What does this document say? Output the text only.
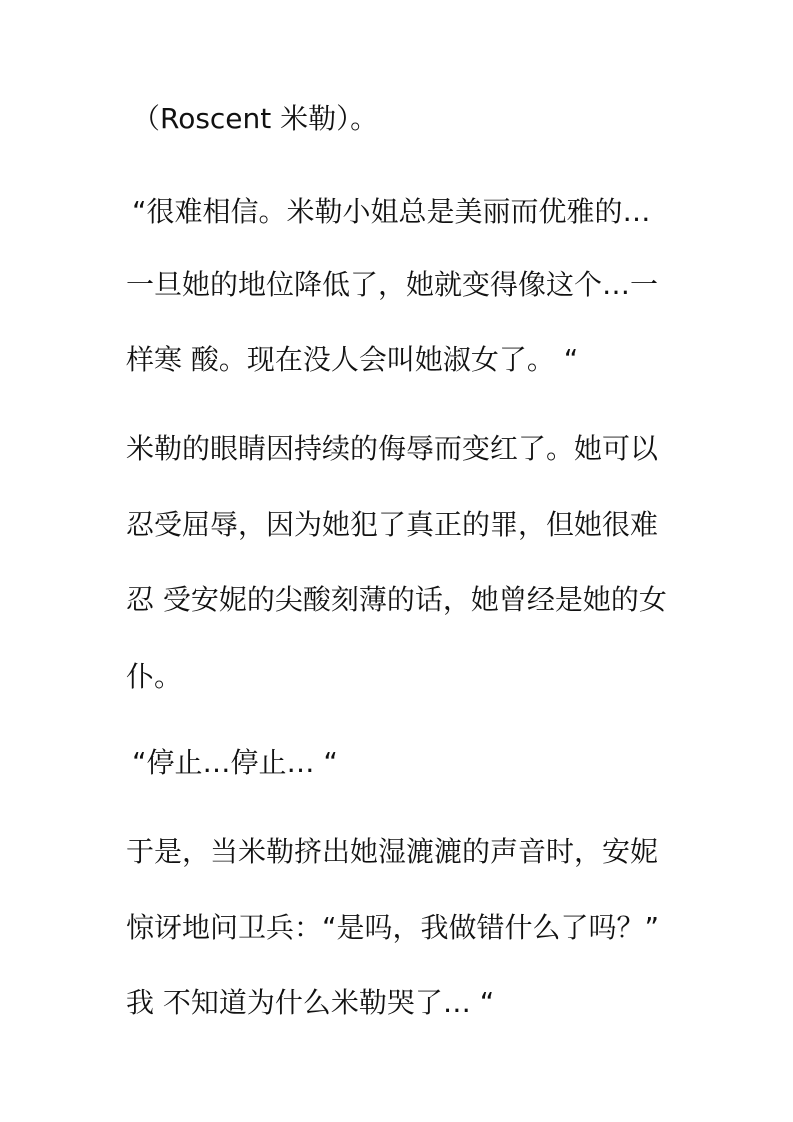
（Roscent 米勒）。
“很难相信。米勒小姐总是美丽而优雅的…
一旦她的地位降低了，她就变得像这个…一
样寒 酸。现在没人会叫她淑女了。 “
米勒的眼睛因持续的侮辱而变红了。她可以
忍受屈辱，因为她犯了真正的罪，但她很难
忍 受安妮的尖酸刻薄的话，她曾经是她的女
仆。
“停止…停止… “
于是，当米勒挤出她湿漉漉的声音时，安妮
惊讶地问卫兵：“是吗，我做错什么了吗？”
我 不知道为什么米勒哭了… “
